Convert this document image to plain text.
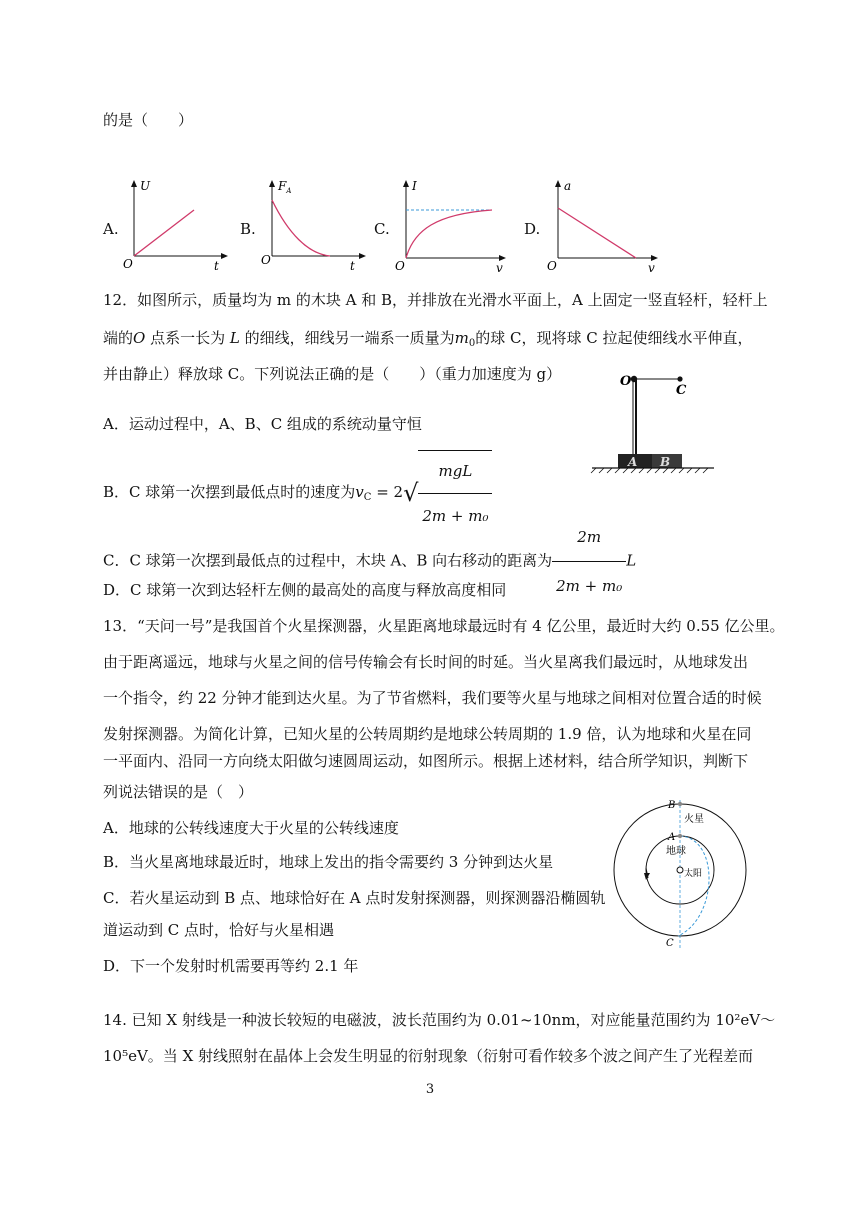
的是（　　）
A.
U
O	t
B.
$F_A$
O	t
C.
I
O	v
D.
a
O	v
12．如图所示，质量均为 m 的木块 A 和 B，并排放在光滑水平面上，A 上固定一竖直轻杆，轻杆上
端的O 点系一长为 L 的细线，细线另一端系一质量为$m_0$的球 C，现将球 C 拉起使细线水平伸直，
并由静止）释放球 C。下列说法正确的是（　　）（重力加速度为 g）	O
C
A B
A．运动过程中，A、B、C 组成的系统动量守恒
B．C 球第一次摆到最低点时的速度为$v_C = 2√ \frac{\text{mgL}}{\text{2m + m₀}}$
C．C 球第一次摆到最低点的过程中，木块 A、B 向右移动的距离为 $\frac{2m}{\text{2m + m₀}}$ L
D．C 球第一次到达轻杆左侧的最高处的高度与释放高度相同
13．“天问一号”是我国首个火星探测器，火星距离地球最远时有 4 亿公里，最近时大约 0.55 亿公里。
由于距离遥远，地球与火星之间的信号传输会有长时间的时延。当火星离我们最远时，从地球发出
一个指令，约 22 分钟才能到达火星。为了节省燃料，我们要等火星与地球之间相对位置合适的时候
发射探测器。为简化计算，已知火星的公转周期约是地球公转周期的 1.9 倍，认为地球和火星在同
一平面内、沿同一方向绕太阳做匀速圆周运动，如图所示。根据上述材料，结合所学知识，判断下
列说法错误的是（　）
A．地球的公转线速度大于火星的公转线速度
B．当火星离地球最近时，地球上发出的指令需要约 3 分钟到达火星
C．若火星运动到 B 点、地球恰好在 A 点时发射探测器，则探测器沿椭圆轨
道运动到 C 点时，恰好与火星相遇
D．下一个发射时机需要再等约 2.1 年
B
火星
A
地球
太阳
C
14. 已知 X 射线是一种波长较短的电磁波，波长范围约为 0.01~10nm，对应能量范围约为 10²eV～
10⁵eV。当 X 射线照射在晶体上会发生明显的衍射现象（衍射可看作较多个波之间产生了光程差而
3
